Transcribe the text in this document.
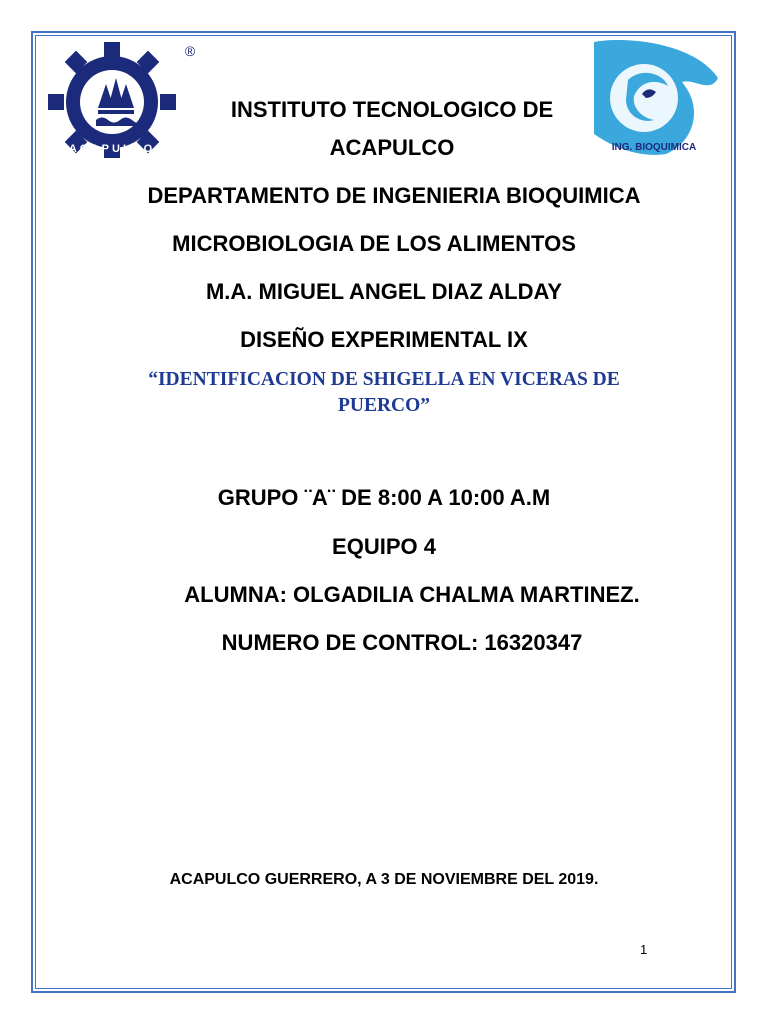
ACAPULCO
®
ING. BIOQUIMICA
INSTITUTO TECNOLOGICO DE
ACAPULCO
DEPARTAMENTO DE INGENIERIA BIOQUIMICA
MICROBIOLOGIA DE LOS ALIMENTOS
M.A. MIGUEL ANGEL DIAZ ALDAY
DISEÑO EXPERIMENTAL IX
“IDENTIFICACION DE SHIGELLA EN VICERAS DE
PUERCO”
GRUPO ¨A¨ DE 8:00 A 10:00 A.M
EQUIPO 4
ALUMNA: OLGADILIA CHALMA MARTINEZ.
NUMERO DE CONTROL: 16320347
ACAPULCO GUERRERO, A 3 DE NOVIEMBRE DEL 2019.
1
